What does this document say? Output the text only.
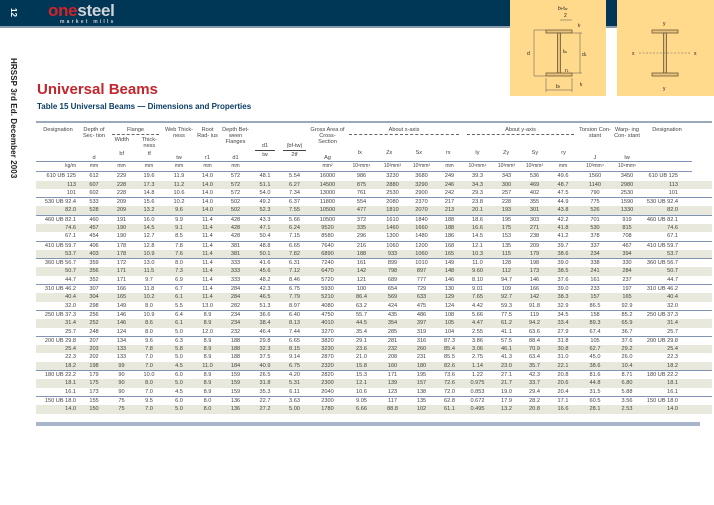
12 onesteel
market mills
HRSSP 3rd Ed. December 2003
bf-tw
2
tf
d	tw	d1
r1
bf	tf
y
x	x
y
Universal Beams
Table 15 Universal Beams — Dimensions and Properties
Designation	Depth of Sec- tion
d	
Flange
Width
bf	
Thick- ness
tf

Web Thick- ness
tw	
Root Rad- ius
r1	
Depth Bet- ween Flanges
d1	d1
tw	(bf-tw)
2tf	
Gross Area of Cross- Section
Ag	
About x-axis
Ix	Zx	Sx	rx

About y-axis
Iy	Zy	Sy	ry

Torsion Con- stant
J	
Warp- ing Con- stant
Iw	Designation	
kg/m	mm	mm	mm	mm	mm	mm			mm²	10⁶mm⁴	10³mm³	10³mm³	mm	10⁶mm⁴	10³mm³	10³mm³	mm	10³mm⁴	10⁹mm⁶	
610 UB 125	612	229	19.6	11.9	14.0	572	48.1	5.54	16000	986	3230	3680	249	39.3	343	536	49.6	1560	3450	610 UB 125	
113	607	228	17.3	11.2	14.0	572	51.1	6.27	14500	875	2880	3290	246	34.3	300	469	48.7	1140	2980	113	
101	602	228	14.8	10.6	14.0	572	54.0	7.34	13000	761	2530	2900	242	29.3	257	402	47.5	790	2530	101	
530 UB 92.4	533	209	15.6	10.2	14.0	502	49.2	6.37	11800	554	2080	2370	217	23.8	228	355	44.9	775	1590	530 UB 92.4	
82.0	528	209	13.2	9.6	14.0	502	52.3	7.55	10500	477	1810	2070	213	20.1	193	301	43.8	526	1330	82.0	
460 UB 82.1	460	191	16.0	9.9	11.4	428	43.3	5.66	10500	372	1610	1840	188	18.6	195	303	42.2	701	919	460 UB 82.1	
74.6	457	190	14.5	9.1	11.4	428	47.1	6.24	9520	335	1460	1660	188	16.6	175	271	41.8	530	815	74.6	
67.1	454	190	12.7	8.5	11.4	428	50.4	7.15	8580	296	1300	1480	186	14.5	153	238	41.2	378	708	67.1	
410 UB 59.7	406	178	12.8	7.8	11.4	381	48.8	6.65	7640	216	1060	1200	168	12.1	135	209	39.7	337	467	410 UB 59.7	
53.7	403	178	10.9	7.6	11.4	381	50.1	7.82	6890	188	933	1060	165	10.3	115	179	38.6	234	394	53.7	
360 UB 56.7	359	172	13.0	8.0	11.4	333	41.6	6.31	7240	161	899	1010	149	11.0	128	198	39.0	338	330	360 UB 56.7	
50.7	356	171	11.5	7.3	11.4	333	45.6	7.12	6470	142	798	897	148	9.60	112	173	38.5	241	284	50.7	
44.7	352	171	9.7	6.9	11.4	333	48.2	8.46	5720	121	689	777	146	8.10	94.7	146	37.6	161	237	44.7	
310 UB 46.2	307	166	11.8	6.7	11.4	284	42.3	6.75	5930	100	654	729	130	9.01	109	166	39.0	233	197	310 UB 46.2	
40.4	304	165	10.2	6.1	11.4	284	46.5	7.79	5210	86.4	569	633	129	7.65	92.7	142	38.3	157	165	40.4	
32.0	298	149	8.0	5.5	13.0	282	51.3	8.97	4080	63.2	424	475	124	4.42	59.3	91.8	32.9	86.5	92.9	32.0	
250 UB 37.3	256	146	10.9	6.4	8.9	234	36.6	6.40	4750	55.7	435	486	108	5.66	77.5	119	34.5	158	85.2	250 UB 37.3	
31.4	252	146	8.6	6.1	8.9	234	38.4	8.13	4010	44.5	354	397	105	4.47	61.2	94.2	33.4	89.3	65.9	31.4	
25.7	248	124	8.0	5.0	12.0	232	46.4	7.44	3270	35.4	285	319	104	2.55	41.1	63.6	27.9	67.4	36.7	25.7	
200 UB 29.8	207	134	9.6	6.3	8.9	188	29.8	6.65	3820	29.1	281	316	87.3	3.86	57.5	88.4	31.8	105	37.6	200 UB 29.8	
25.4	203	133	7.8	5.8	8.9	188	32.3	8.15	3230	23.6	232	260	85.4	3.06	46.1	70.9	30.8	62.7	29.2	25.4	
22.3	202	133	7.0	5.0	8.9	188	37.5	9.14	2870	21.0	208	231	85.5	2.75	41.3	63.4	31.0	45.0	26.0	22.3	
18.2	198	99	7.0	4.5	11.0	184	40.9	6.75	2320	15.8	160	180	82.6	1.14	23.0	35.7	22.1	38.6	10.4	18.2	
180 UB 22.2	179	90	10.0	6.0	8.9	159	26.5	4.20	2820	15.3	171	195	73.6	1.22	27.1	42.3	20.8	81.6	8.71	180 UB 22.2	
18.1	175	90	8.0	5.0	8.9	159	31.8	5.31	2300	12.1	139	157	72.6	0.975	21.7	33.7	20.6	44.8	6.80	18.1	
16.1	173	90	7.0	4.5	8.9	159	35.3	6.11	2040	10.6	123	138	72.0	0.853	19.0	29.4	20.4	31.5	5.88	16.1	
150 UB 18.0	155	75	9.5	6.0	8.0	136	22.7	3.63	2300	9.05	117	135	62.8	0.672	17.9	28.2	17.1	60.5	3.56	150 UB 18.0	
14.0	150	75	7.0	5.0	8.0	136	27.2	5.00	1780	6.66	88.8	102	61.1	0.495	13.2	20.8	16.6	28.1	2.53	14.0	
